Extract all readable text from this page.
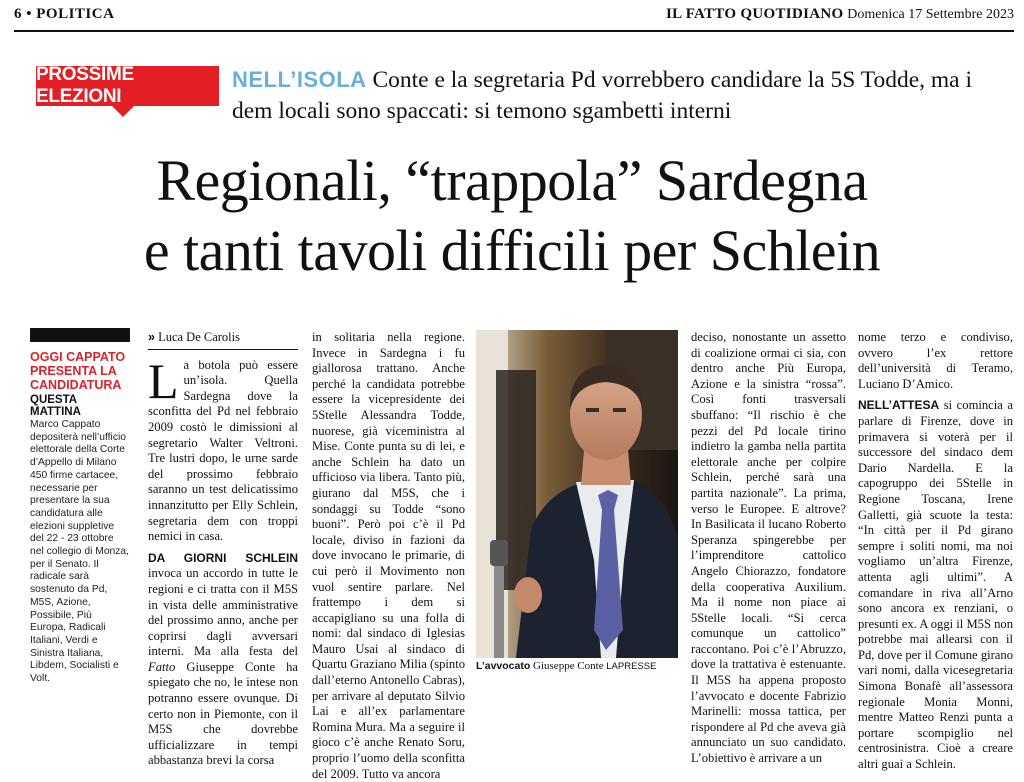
6 • POLITICA	IL FATTO QUOTIDIANO Domenica 17 Settembre 2023
PROSSIME ELEZIONI
NELL’ISOLA Conte e la segretaria Pd vorrebbero candidare la 5S Todde, ma i dem locali sono spaccati: si temono sgambetti interni
Regionali, “trappola” Sardegna
e tanti tavoli difficili per Schlein
OGGI CAPPATO PRESENTA LA CANDIDATURA
QUESTA MATTINA
Marco Cappato depositerà nell’ufficio elettorale della Corte d’Appello di Milano 450 firme cartacee, necessarie per presentare la sua candidatura alle elezioni suppletive del 22 - 23 ottobre nel collegio di Monza, per il Senato. Il radicale sarà sostenuto da Pd, M5S, Azione, Possibile, Più Europa, Radicali Italiani, Verdi e Sinistra Italiana, Libdem, Socialisti e Volt.
» Luca De Carolis

La botola può essere un’isola. Quella Sardegna dove la sconfitta del Pd nel febbraio 2009 costò le dimissioni al segretario Walter Veltroni. Tre lustri dopo, le urne sarde del prossimo febbraio saranno un test delicatissimo innanzitutto per Elly Schlein, segretaria dem con troppi nemici in casa.

DA GIORNI SCHLEIN invoca un accordo in tutte le regioni e ci tratta con il M5S in vista delle amministrative del prossimo anno, anche per coprirsi dagli avversari interni. Ma alla festa del Fatto Giuseppe Conte ha spiegato che no, le intese non potranno essere ovunque. Di certo non in Piemonte, con il M5S che dovrebbe ufficializzare in tempi abbastanza brevi la corsa

in solitaria nella regione. Invece in Sardegna i fu giallorosa trattano. Anche perché la candidata potrebbe essere la vicepresidente dei 5Stelle Alessandra Todde, nuorese, già viceministra al Mise. Conte punta su di lei, e anche Schlein ha dato un ufficioso via libera. Tanto più, giurano dal M5S, che i sondaggi su Todde “sono buoni”. Però poi c’è il Pd locale, diviso in fazioni da dove invocano le primarie, di cui però il Movimento non vuol sentire parlare. Nel frattempo i dem si accapigliano su una folla di nomi: dal sindaco di Iglesias Mauro Usai al sindaco di Quartu Graziano Milia (spinto dall’eterno Antonello Cabras), per arrivare al deputato Silvio Lai e all’ex parlamentare Romina Mura. Ma a seguire il gioco c’è anche Renato Soru, proprio l’uomo della sconfitta del 2009. Tutto va ancora

L’avvocato Giuseppe Conte LAPRESSE

deciso, nonostante un assetto di coalizione ormai ci sia, con dentro anche Più Europa, Azione e la sinistra “rossa”. Così fonti trasversali sbuffano: “Il rischio è che pezzi del Pd locale tirino indietro la gamba nella partita elettorale anche per colpire Schlein, perché sarà una partita nazionale”. La prima, verso le Europee. E altrove? In Basilicata il lucano Roberto Speranza spingerebbe per l’imprenditore cattolico Angelo Chiorazzo, fondatore della cooperativa Auxilium. Ma il nome non piace ai 5Stelle locali. “Si cerca comunque un cattolico” raccontano. Poi c’è l’Abruzzo, dove la trattativa è estenuante. Il M5S ha appena proposto l’avvocato e docente Fabrizio Marinelli: mossa tattica, per rispondere al Pd che aveva già annunciato un suo candidato. L’obiettivo è arrivare a un

nome terzo e condiviso, ovvero l’ex rettore dell’università di Teramo, Luciano D’Amico.

NELL’ATTESA si comincia a parlare di Firenze, dove in primavera si voterà per il successore del sindaco dem Dario Nardella. E la capogruppo dei 5Stelle in Regione Toscana, Irene Galletti, già scuote la testa: “In città per il Pd girano sempre i soliti nomi, ma noi vogliamo un’altra Firenze, attenta agli ultimi”. A comandare in riva all’Arno sono ancora ex renziani, o presunti ex. A oggi il M5S non potrebbe mai allearsi con il Pd, dove per il Comune girano vari nomi, dalla vicesegretaria Simona Bonafè all’assessora regionale Monia Monni, mentre Matteo Renzi punta a portare scompiglio nel centrosinistra. Cioè a creare altri guai a Schlein.
